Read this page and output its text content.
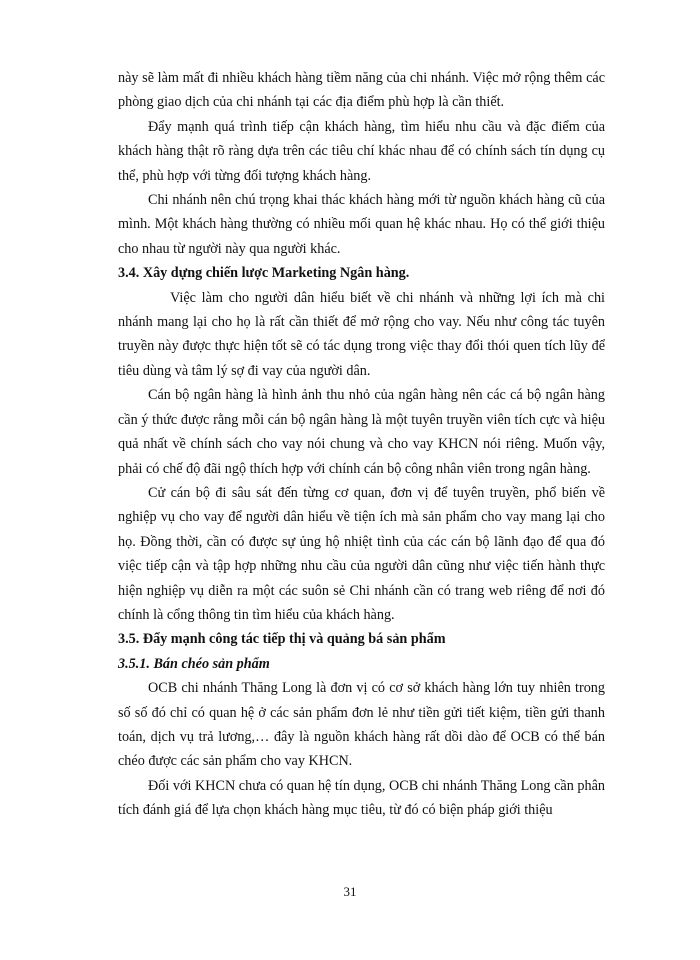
này sẽ làm mất đi nhiều khách hàng tiềm năng của chi nhánh. Việc mở rộng thêm các phòng giao dịch của chi nhánh tại các địa điểm phù hợp là cần thiết.

Đẩy mạnh quá trình tiếp cận khách hàng, tìm hiểu nhu cầu và đặc điểm của khách hàng thật rõ ràng dựa trên các tiêu chí khác nhau để có chính sách tín dụng cụ thể, phù hợp với từng đối tượng khách hàng.

Chi nhánh nên chú trọng khai thác khách hàng mới từ nguồn khách hàng cũ của mình. Một khách hàng thường có nhiều mối quan hệ khác nhau. Họ có thể giới thiệu cho nhau từ người này qua người khác.

3.4. Xây dựng chiến lược Marketing Ngân hàng.

Việc làm cho người dân hiểu biết về chi nhánh và những lợi ích mà chi nhánh mang lại cho họ là rất cần thiết để mở rộng cho vay. Nếu như công tác tuyên truyền này được thực hiện tốt sẽ có tác dụng trong việc thay đổi thói quen tích lũy để tiêu dùng và tâm lý sợ đi vay của người dân.

Cán bộ ngân hàng là hình ảnh thu nhỏ của ngân hàng nên các cá bộ ngân hàng cần ý thức được rằng mỗi cán bộ ngân hàng là một tuyên truyền viên tích cực và hiệu quả nhất về chính sách cho vay nói chung và cho vay KHCN nói riêng. Muốn vậy, phải có chế độ đãi ngộ thích hợp với chính cán bộ công nhân viên trong ngân hàng.

Cử cán bộ đi sâu sát đến từng cơ quan, đơn vị để tuyên truyền, phổ biến về nghiệp vụ cho vay để người dân hiểu về tiện ích mà sản phẩm cho vay mang lại cho họ. Đồng thời, cần có được sự ủng hộ nhiệt tình của các cán bộ lãnh đạo để qua đó việc tiếp cận và tập hợp những nhu cầu của người dân cũng như việc tiến hành thực hiện nghiệp vụ diễn ra một các suôn sẻ Chi nhánh cần có trang web riêng để nơi đó chính là cổng thông tin tìm hiểu của khách hàng.

3.5. Đẩy mạnh công tác tiếp thị và quảng bá sản phẩm

3.5.1. Bán chéo sản phẩm

OCB chi nhánh Thăng Long là đơn vị có cơ sở khách hàng lớn tuy nhiên trong số số đó chỉ có quan hệ ở các sản phẩm đơn lẻ như tiền gửi tiết kiệm, tiền gửi thanh toán, dịch vụ trả lương,… đây là nguồn khách hàng rất dồi dào để OCB có thể bán chéo được các sản phẩm cho vay KHCN.

Đối với KHCN chưa có quan hệ tín dụng, OCB chi nhánh Thăng Long cần phân tích đánh giá để lựa chọn khách hàng mục tiêu, từ đó có biện pháp giới thiệu

31
